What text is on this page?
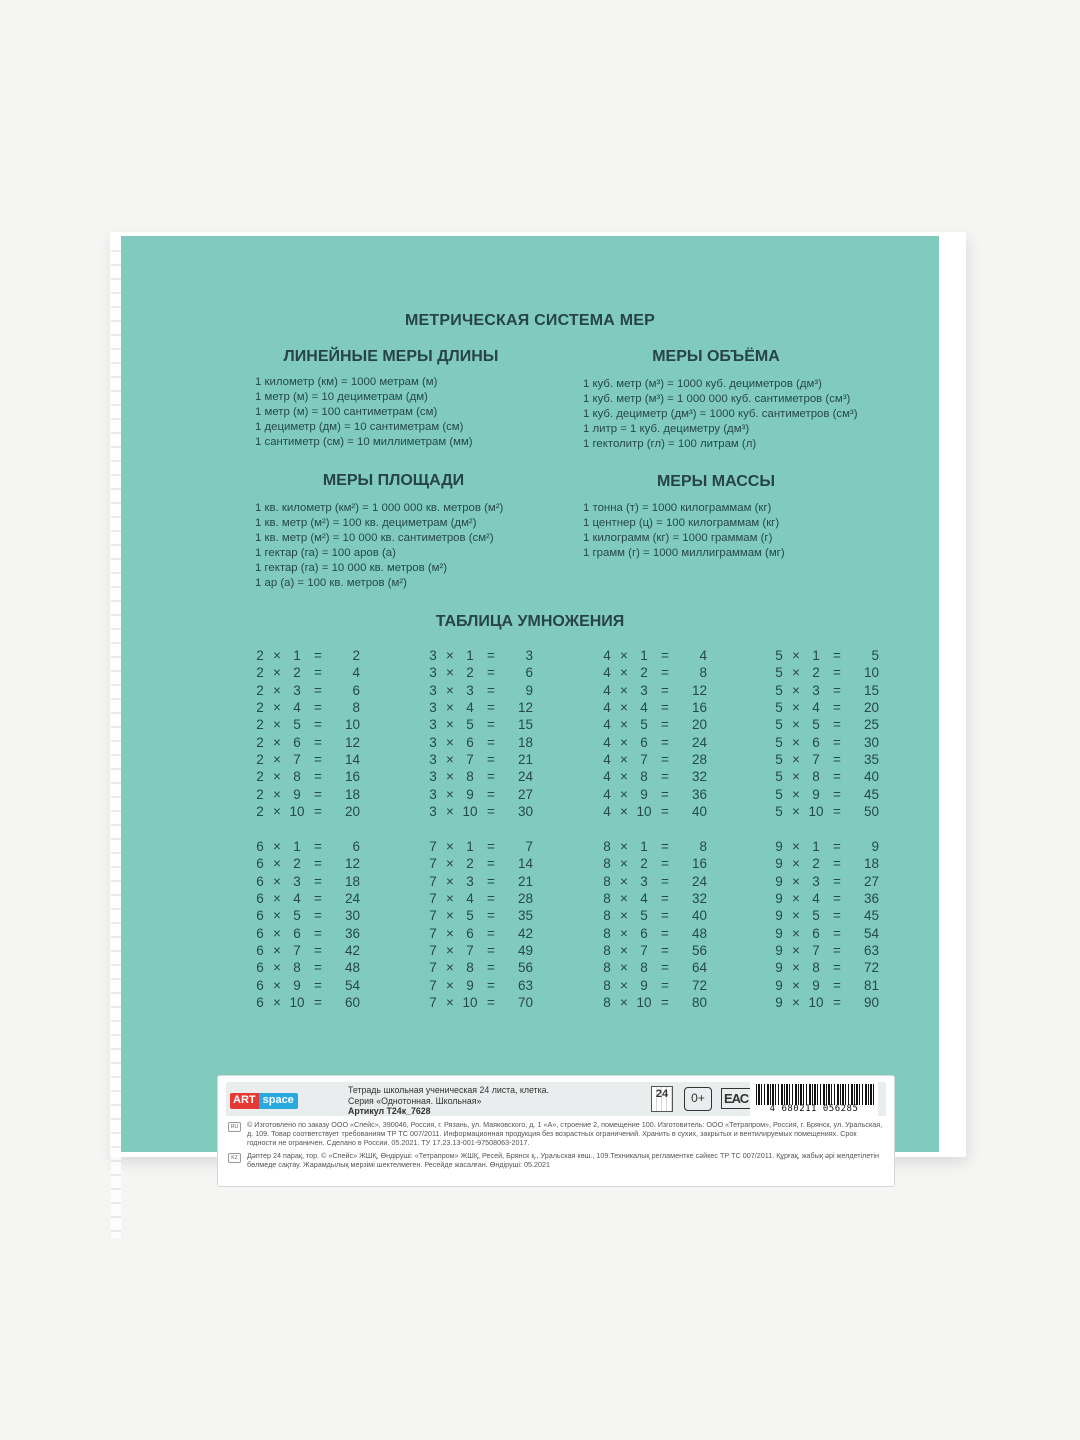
МЕТРИЧЕСКАЯ СИСТЕМА МЕР
ЛИНЕЙНЫЕ МЕРЫ ДЛИНЫ
1 километр (км) = 1000 метрам (м)
1 метр (м) = 10 дециметрам (дм)
1 метр (м) = 100 сантиметрам (см)
1 дециметр (дм) = 10 сантиметрам (см)
1 сантиметр (см) = 10 миллиметрам (мм)
МЕРЫ ОБЪЁМА
1 куб. метр (м³) = 1000 куб. дециметров (дм³)
1 куб. метр (м³) = 1 000 000 куб. сантиметров (см³)
1 куб. дециметр (дм³) = 1000 куб. сантиметров (см³)
1 литр = 1 куб. дециметру (дм³)
1 гектолитр (гл) = 100 литрам (л)
МЕРЫ ПЛОЩАДИ
1 кв. километр (км²) = 1 000 000 кв. метров (м²)
1 кв. метр (м²) = 100 кв. дециметрам (дм²)
1 кв. метр (м²) = 10 000 кв. сантиметров (см²)
1 гектар (га) = 100 аров (а)
1 гектар (га) = 10 000 кв. метров (м²)
1 ар (а) = 100 кв. метров (м²)
МЕРЫ МАССЫ
1 тонна (т) = 1000 килограммам (кг)
1 центнер (ц) = 100 килограммам (кг)
1 килограмм (кг) = 1000 граммам (г)
1 грамм (г) = 1000 миллиграммам (мг)
ТАБЛИЦА УМНОЖЕНИЯ
2 × 1 =	2
2 × 2 =	4
2 × 3 =	6
2 × 4 =	8
2 × 5 =	10
2 × 6 =	12
2 × 7 =	14
2 × 8 =	16
2 × 9 =	18
2 × 10 =	20
3 × 1 =	3
3 × 2 =	6
3 × 3 =	9
3 × 4 =	12
3 × 5 =	15
3 × 6 =	18
3 × 7 =	21
3 × 8 =	24
3 × 9 =	27
3 × 10 =	30
4 × 1 =	4
4 × 2 =	8
4 × 3 =	12
4 × 4 =	16
4 × 5 =	20
4 × 6 =	24
4 × 7 =	28
4 × 8 =	32
4 × 9 =	36
4 × 10 =	40
5 × 1 =	5
5 × 2 =	10
5 × 3 =	15
5 × 4 =	20
5 × 5 =	25
5 × 6 =	30
5 × 7 =	35
5 × 8 =	40
5 × 9 =	45
5 × 10 =	50
6 × 1 =	6
6 × 2 =	12
6 × 3 =	18
6 × 4 =	24
6 × 5 =	30
6 × 6 =	36
6 × 7 =	42
6 × 8 =	48
6 × 9 =	54
6 × 10 =	60
7 × 1 =	7
7 × 2 =	14
7 × 3 =	21
7 × 4 =	28
7 × 5 =	35
7 × 6 =	42
7 × 7 =	49
7 × 8 =	56
7 × 9 =	63
7 × 10 =	70
8 × 1 =	8
8 × 2 =	16
8 × 3 =	24
8 × 4 =	32
8 × 5 =	40
8 × 6 =	48
8 × 7 =	56
8 × 8 =	64
8 × 9 =	72
8 × 10 =	80
9 × 1 =	9
9 × 2 =	18
9 × 3 =	27
9 × 4 =	36
9 × 5 =	45
9 × 6 =	54
9 × 7 =	63
9 × 8 =	72
9 × 9 =	81
9 × 10 =	90
ART space
Тетрадь школьная ученическая 24 листа, клетка.
Серия «Однотонная. Школьная»
Артикул Т24к_7628
24	0+	ЕАС
4 680211 056285
RU	© Изготовлено по заказу ООО «Спейс», 390046, Россия, г. Рязань, ул. Маяковского, д. 1 «А», строение 2, помещение 100. Изготовитель: ООО «Тетрапром», Россия, г. Брянск, ул. Уральская, д. 109. Товар соответствует требованиям ТР ТС 007/2011. Информационная продукция без возрастных ограничений. Хранить в сухих, закрытых и вентилируемых помещениях. Срок годности не ограничен. Сделано в России. 05.2021. ТУ 17.23.13-001-97508063-2017.
KZ	Дәптер 24 парақ, тор. © «Спейс» ЖШҚ, Өндіруші: «Тетрапром» ЖШҚ, Ресей, Брянск қ., Уральская көш., 109.Техникалық регламентке сәйкес ТР ТС 007/2011. Құрғақ, жабық әрі желдетілетін бөлмеде сақтау. Жарамдылық мерзімі шектелмеген. Ресейде жасалған. Өндіруші: 05.2021
